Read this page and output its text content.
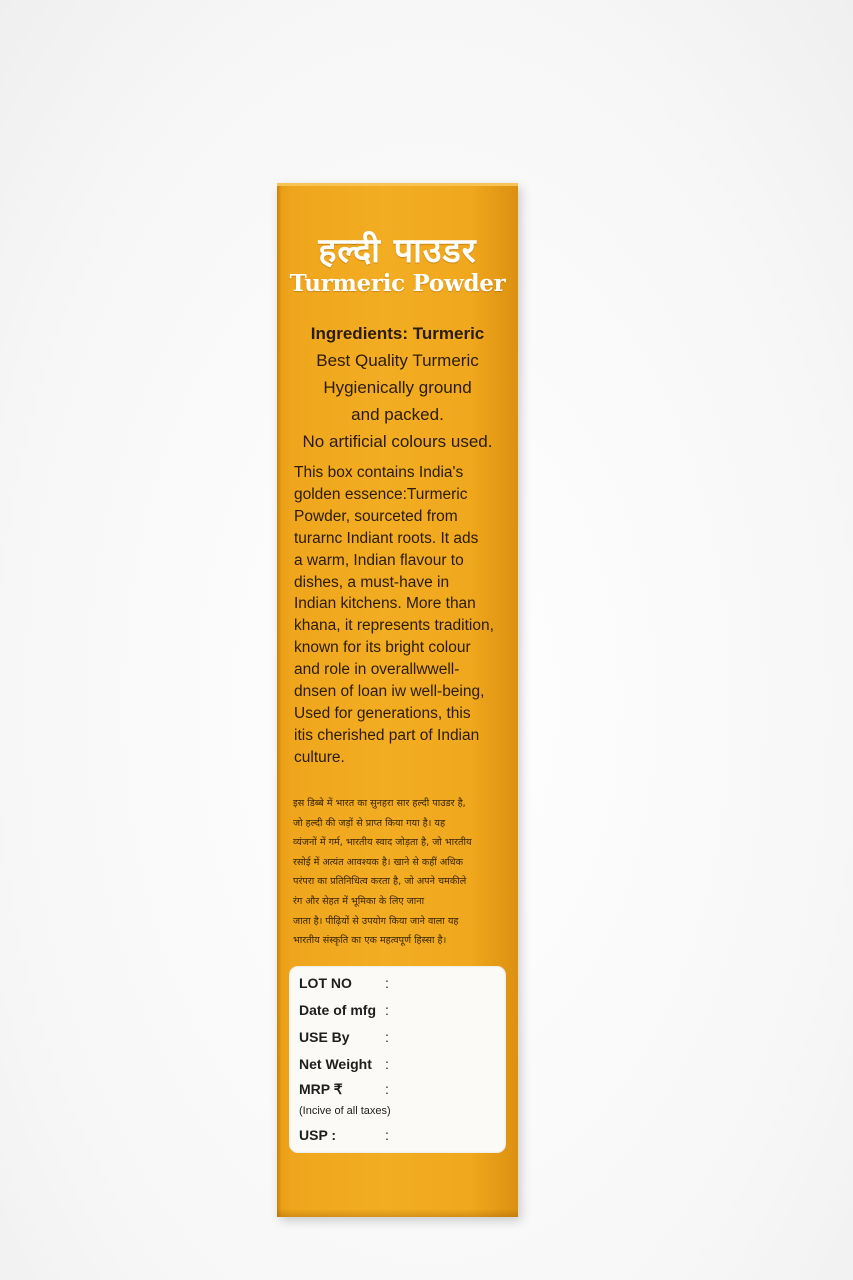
हल्दी पाउडर
Turmeric Powder
Ingredients: Turmeric
Best Quality Turmeric
Hygienically ground
and packed.
No artificial colours used.
This box contains India's
golden essence:Turmeric
Powder, sourceted from
turarnc Indiant roots. It ads
a warm, Indian flavour to
dishes, a must-have in
Indian kitchens. More than
khana, it represents tradition,
known for its bright colour
and role in overallwwell-
dnsen of loan iw well-being,
Used for generations, this
itis cherished part of Indian
culture.
इस डिब्बे में भारत का सुनहरा सार हल्दी पाउडर है,
जो हल्दी की जड़ों से प्राप्त किया गया है। यह
व्यंजनों में गर्म, भारतीय स्वाद जोड़ता है, जो भारतीय
रसोई में अत्यंत आवश्यक है। खाने से कहीं अधिक
परंपरा का प्रतिनिधित्व करता है, जो अपने चमकीले
रंग और सेहत में भूमिका के लिए जाना
जाता है। पीढ़ियों से उपयोग किया जाने वाला यह
भारतीय संस्कृति का एक महत्वपूर्ण हिस्सा है।
LOT NO :
Date of mfg :
USE By	:
Net Weight :
MRP ₹	:
(Incive of all taxes)
USP :	:
